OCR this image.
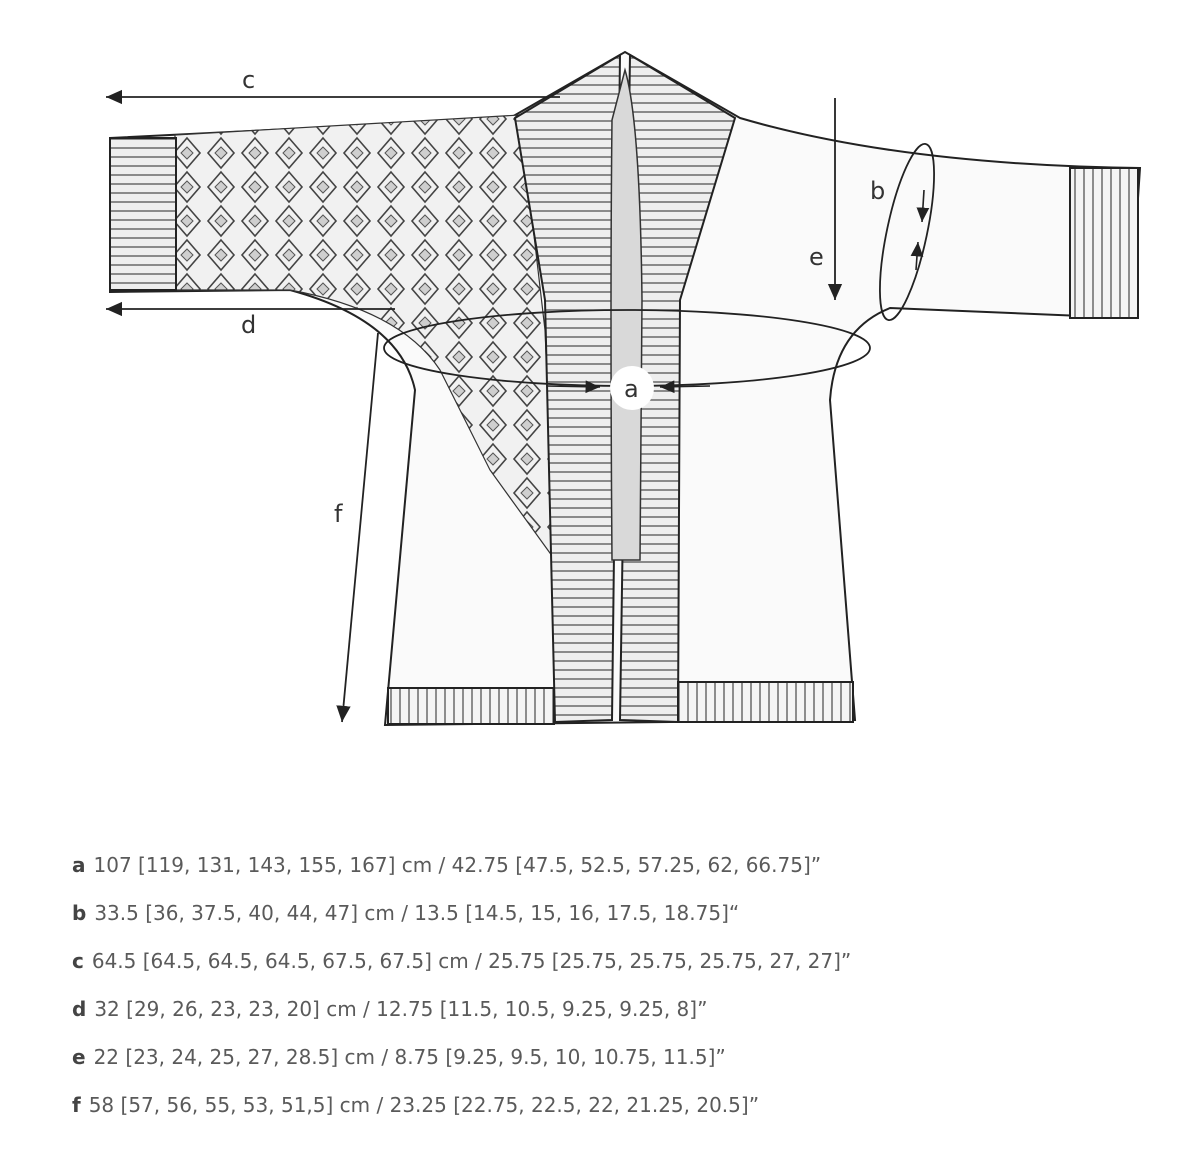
c
d
e
b
a
f
a 107 [119, 131, 143, 155, 167] cm / 42.75 [47.5, 52.5, 57.25, 62, 66.75]”
b 33.5 [36, 37.5, 40, 44, 47] cm / 13.5 [14.5, 15, 16, 17.5, 18.75]“
c 64.5 [64.5, 64.5, 64.5, 67.5, 67.5] cm / 25.75 [25.75, 25.75, 25.75, 27, 27]”
d 32 [29, 26, 23, 23, 20] cm / 12.75 [11.5, 10.5, 9.25, 9.25, 8]”
e 22 [23, 24, 25, 27, 28.5] cm / 8.75 [9.25, 9.5, 10, 10.75, 11.5]”
f 58 [57, 56, 55, 53, 51,5] cm / 23.25 [22.75, 22.5, 22, 21.25, 20.5]”
